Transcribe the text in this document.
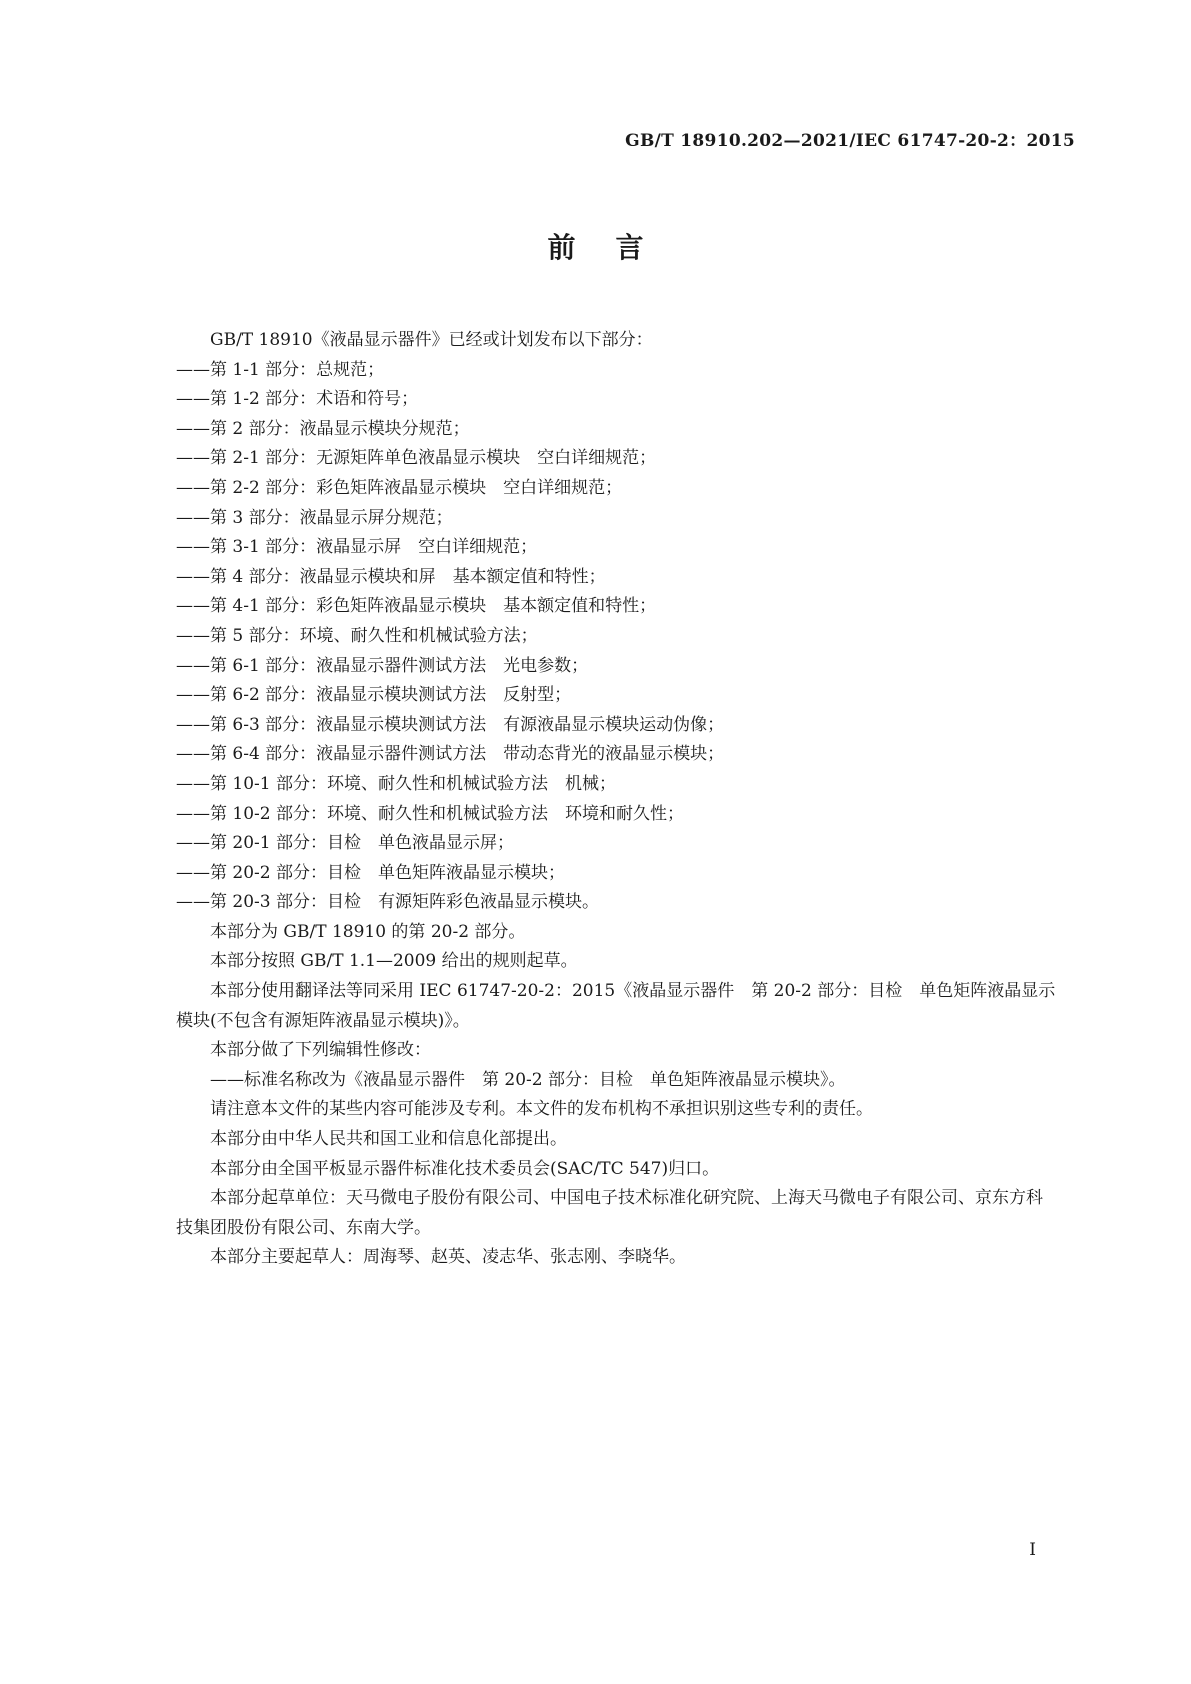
GB/T 18910.202—2021/IEC 61747-20-2：2015
前言
GB/T 18910《液晶显示器件》已经或计划发布以下部分：
——第 1-1 部分：总规范；
——第 1-2 部分：术语和符号；
——第 2 部分：液晶显示模块分规范；
——第 2-1 部分：无源矩阵单色液晶显示模块　空白详细规范；
——第 2-2 部分：彩色矩阵液晶显示模块　空白详细规范；
——第 3 部分：液晶显示屏分规范；
——第 3-1 部分：液晶显示屏　空白详细规范；
——第 4 部分：液晶显示模块和屏　基本额定值和特性；
——第 4-1 部分：彩色矩阵液晶显示模块　基本额定值和特性；
——第 5 部分：环境、耐久性和机械试验方法；
——第 6-1 部分：液晶显示器件测试方法　光电参数；
——第 6-2 部分：液晶显示模块测试方法　反射型；
——第 6-3 部分：液晶显示模块测试方法　有源液晶显示模块运动伪像；
——第 6-4 部分：液晶显示器件测试方法　带动态背光的液晶显示模块；
——第 10-1 部分：环境、耐久性和机械试验方法　机械；
——第 10-2 部分：环境、耐久性和机械试验方法　环境和耐久性；
——第 20-1 部分：目检　单色液晶显示屏；
——第 20-2 部分：目检　单色矩阵液晶显示模块；
——第 20-3 部分：目检　有源矩阵彩色液晶显示模块。
本部分为 GB/T 18910 的第 20-2 部分。
本部分按照 GB/T 1.1—2009 给出的规则起草。
本部分使用翻译法等同采用 IEC 61747-20-2：2015《液晶显示器件　第 20-2 部分：目检　单色矩阵液晶显示模块(不包含有源矩阵液晶显示模块)》。
本部分做了下列编辑性修改：
——标准名称改为《液晶显示器件　第 20-2 部分：目检　单色矩阵液晶显示模块》。
请注意本文件的某些内容可能涉及专利。本文件的发布机构不承担识别这些专利的责任。
本部分由中华人民共和国工业和信息化部提出。
本部分由全国平板显示器件标准化技术委员会(SAC/TC 547)归口。
本部分起草单位：天马微电子股份有限公司、中国电子技术标准化研究院、上海天马微电子有限公司、京东方科技集团股份有限公司、东南大学。
本部分主要起草人：周海琴、赵英、凌志华、张志刚、李晓华。
I
